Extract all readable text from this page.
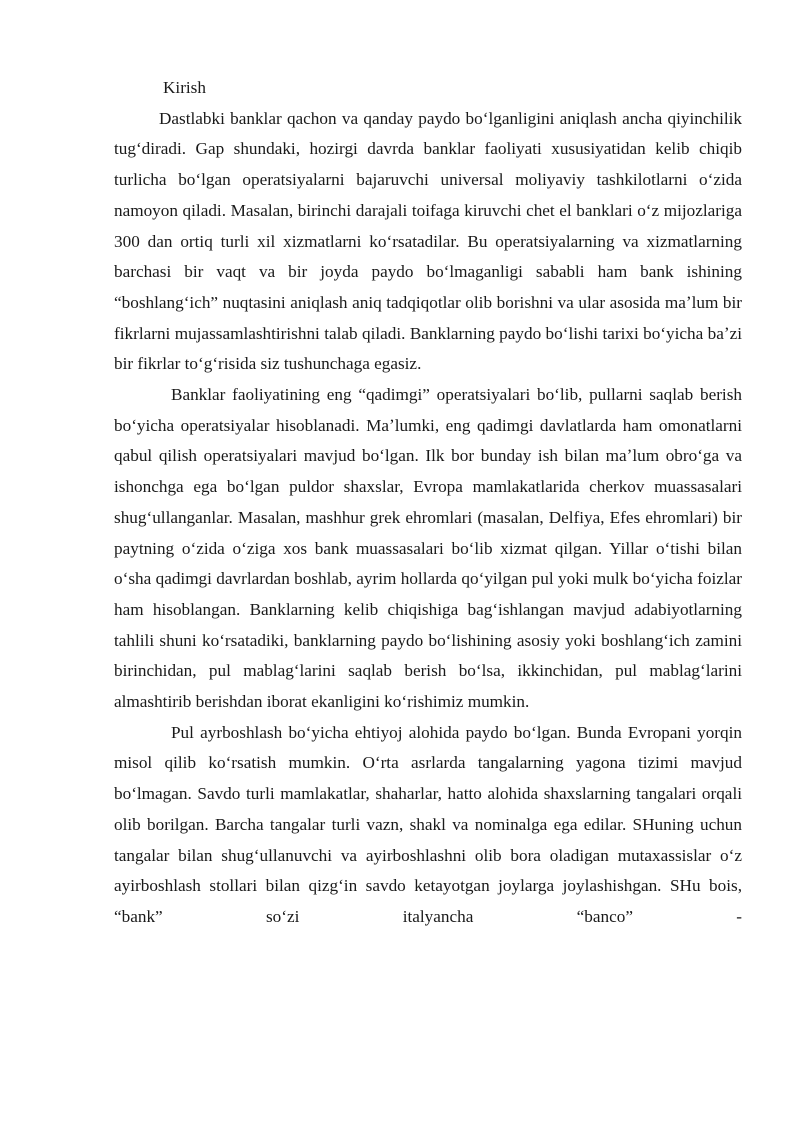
Kirish

Dastlabki banklar qachon va qanday paydo boʻlganligini aniqlash ancha qiyinchilik tugʻdiradi. Gap shundaki, hozirgi davrda banklar faoliyati xususiyatidan kelib chiqib turlicha boʻlgan operatsiyalarni bajaruvchi universal moliyaviy tashkilotlarni oʻzida namoyon qiladi. Masalan, birinchi darajali toifaga kiruvchi chet el banklari oʻz mijozlariga 300 dan ortiq turli xil xizmatlarni koʻrsatadilar. Bu operatsiyalarning va xizmatlarning barchasi bir vaqt va bir joyda paydo boʻlmaganligi sababli ham bank ishining “boshlangʻich” nuqtasini aniqlash aniq tadqiqotlar olib borishni va ular asosida maʼlum bir fikrlarni mujassamlashtirishni talab qiladi. Banklarning paydo boʻlishi tarixi boʻyicha baʼzi bir fikrlar toʻgʻrisida siz tushunchaga egasiz.

Banklar faoliyatining eng “qadimgi” operatsiyalari boʻlib, pullarni saqlab berish boʻyicha operatsiyalar hisoblanadi. Maʼlumki, eng qadimgi davlatlarda ham omonatlarni qabul qilish operatsiyalari mavjud boʻlgan. Ilk bor bunday ish bilan maʼlum obroʻga va ishonchga ega boʻlgan puldor shaxslar, Evropa mamlakatlarida cherkov muassasalari shugʻullanganlar. Masalan, mashhur grek ehromlari (masalan, Delfiya, Efes ehromlari) bir paytning oʻzida oʻziga xos bank muassasalari boʻlib xizmat qilgan. Yillar oʻtishi bilan oʻsha qadimgi davrlardan boshlab, ayrim hollarda qoʻyilgan pul yoki mulk boʻyicha foizlar ham hisoblangan. Banklarning kelib chiqishiga bagʻishlangan mavjud adabiyotlarning tahlili shuni koʻrsatadiki, banklarning paydo boʻlishining asosiy yoki boshlangʻich zamini birinchidan, pul mablagʻlarini saqlab berish boʻlsa, ikkinchidan, pul mablagʻlarini almashtirib berishdan iborat ekanligini koʻrishimiz mumkin.

Pul ayrboshlash boʻyicha ehtiyoj alohida paydo boʻlgan. Bunda Evropani yorqin misol qilib koʻrsatish mumkin. Oʻrta asrlarda tangalarning yagona tizimi mavjud boʻlmagan. Savdo turli mamlakatlar, shaharlar, hatto alohida shaxslarning tangalari orqali olib borilgan. Barcha tangalar turli vazn, shakl va nominalga ega edilar. SHuning uchun tangalar bilan shugʻullanuvchi va ayirboshlashni olib bora oladigan mutaxassislar oʻz ayirboshlash stollari bilan qizgʻin savdo ketayotgan joylarga joylashishgan. SHu bois, “bank” soʻzi italyancha “banco” -
